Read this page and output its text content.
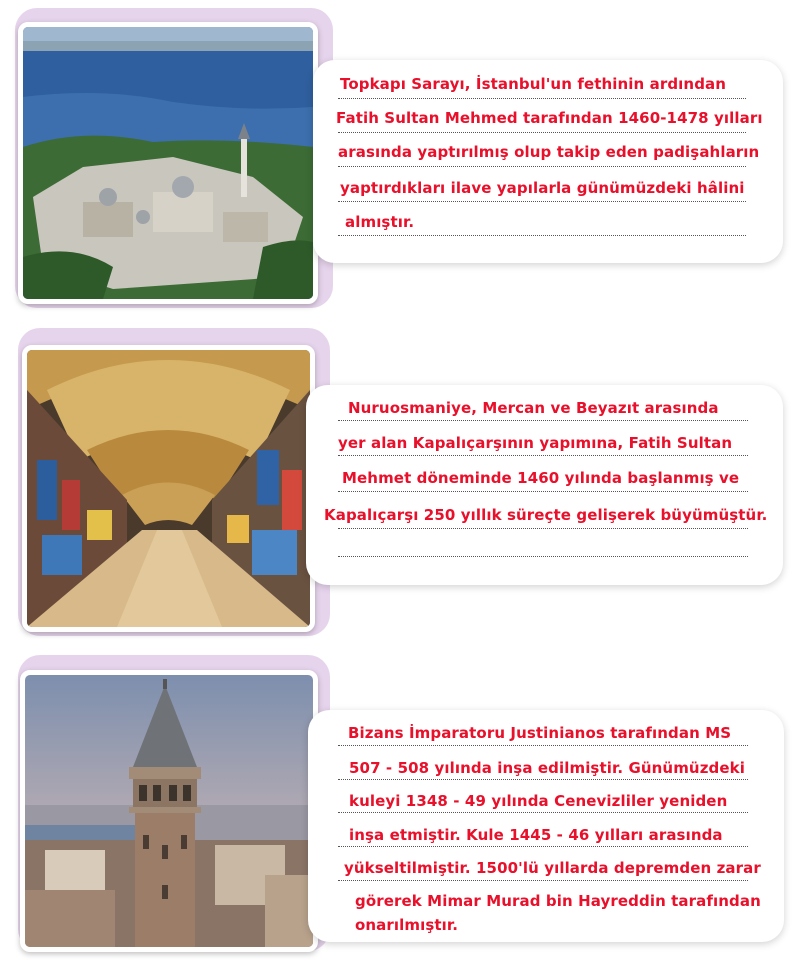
Topkapı Sarayı, İstanbul'un fethinin ardından
Fatih Sultan Mehmed tarafından 1460-1478 yılları
arasında yaptırılmış olup takip eden padişahların
yaptırdıkları ilave yapılarla günümüzdeki hâlini
almıştır.
Nuruosmaniye, Mercan ve Beyazıt arasında
yer alan Kapalıçarşının yapımına, Fatih Sultan
Mehmet döneminde 1460 yılında başlanmış ve
Kapalıçarşı 250 yıllık süreçte gelişerek büyümüştür.
Bizans İmparatoru Justinianos tarafından MS
507 - 508 yılında inşa edilmiştir. Günümüzdeki
kuleyi 1348 - 49 yılında Cenevizliler yeniden
inşa etmiştir. Kule 1445 - 46 yılları arasında
yükseltilmiştir. 1500'lü yıllarda depremden zarar
görerek Mimar Murad bin Hayreddin tarafından
onarılmıştır.
